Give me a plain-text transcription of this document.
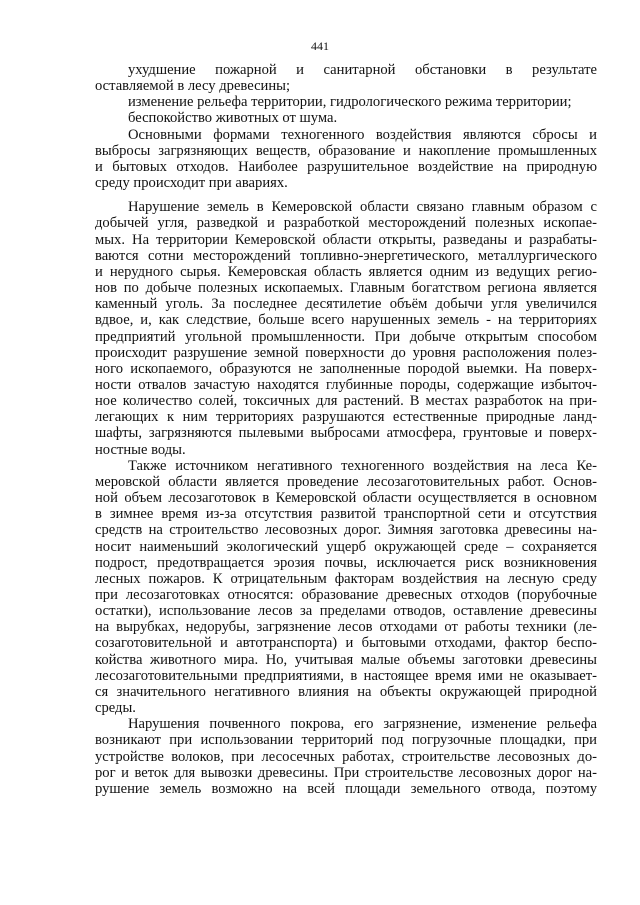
441
ухудшение пожарной и санитарной обстановки в результате
оставляемой в лесу древесины;
изменение рельефа территории, гидрологического режима территории;
беспокойство животных от шума.
Основными формами техногенного воздействия являются сбросы и
выбросы загрязняющих веществ, образование и накопление промышленных
и бытовых отходов. Наиболее разрушительное воздействие на природную
среду происходит при авариях.
Нарушение земель в Кемеровской области связано главным образом с
добычей угля, разведкой и разработкой месторождений полезных ископае-
мых. На территории Кемеровской области открыты, разведаны и разрабаты-
ваются сотни месторождений топливно-энергетического, металлургического
и нерудного сырья. Кемеровская область является одним из ведущих регио-
нов по добыче полезных ископаемых. Главным богатством региона является
каменный уголь. За последнее десятилетие объём добычи угля увеличился
вдвое, и, как следствие, больше всего нарушенных земель - на территориях
предприятий угольной промышленности. При добыче открытым способом
происходит разрушение земной поверхности до уровня расположения полез-
ного ископаемого, образуются не заполненные породой выемки. На поверх-
ности отвалов зачастую находятся глубинные породы, содержащие избыточ-
ное количество солей, токсичных для растений. В местах разработок на при-
легающих к ним территориях разрушаются естественные природные ланд-
шафты, загрязняются пылевыми выбросами атмосфера, грунтовые и поверх-
ностные воды.
Также источником негативного техногенного воздействия на леса Ке-
меровской области является проведение лесозаготовительных работ. Основ-
ной объем лесозаготовок в Кемеровской области осуществляется в основном
в зимнее время из-за отсутствия развитой транспортной сети и отсутствия
средств на строительство лесовозных дорог. Зимняя заготовка древесины на-
носит наименьший экологический ущерб окружающей среде – сохраняется
подрост, предотвращается эрозия почвы, исключается риск возникновения
лесных пожаров. К отрицательным факторам воздействия на лесную среду
при лесозаготовках относятся: образование древесных отходов (порубочные
остатки), использование лесов за пределами отводов, оставление древесины
на вырубках, недорубы, загрязнение лесов отходами от работы техники (ле-
созаготовительной и автотранспорта) и бытовыми отходами, фактор беспо-
койства животного мира. Но, учитывая малые объемы заготовки древесины
лесозаготовительными предприятиями, в настоящее время ими не оказывает-
ся значительного негативного влияния на объекты окружающей природной
среды.
Нарушения почвенного покрова, его загрязнение, изменение рельефа
возникают при использовании территорий под погрузочные площадки, при
устройстве волоков, при лесосечных работах, строительстве лесовозных до-
рог и веток для вывозки древесины. При строительстве лесовозных дорог на-
рушение земель возможно на всей площади земельного отвода, поэтому
